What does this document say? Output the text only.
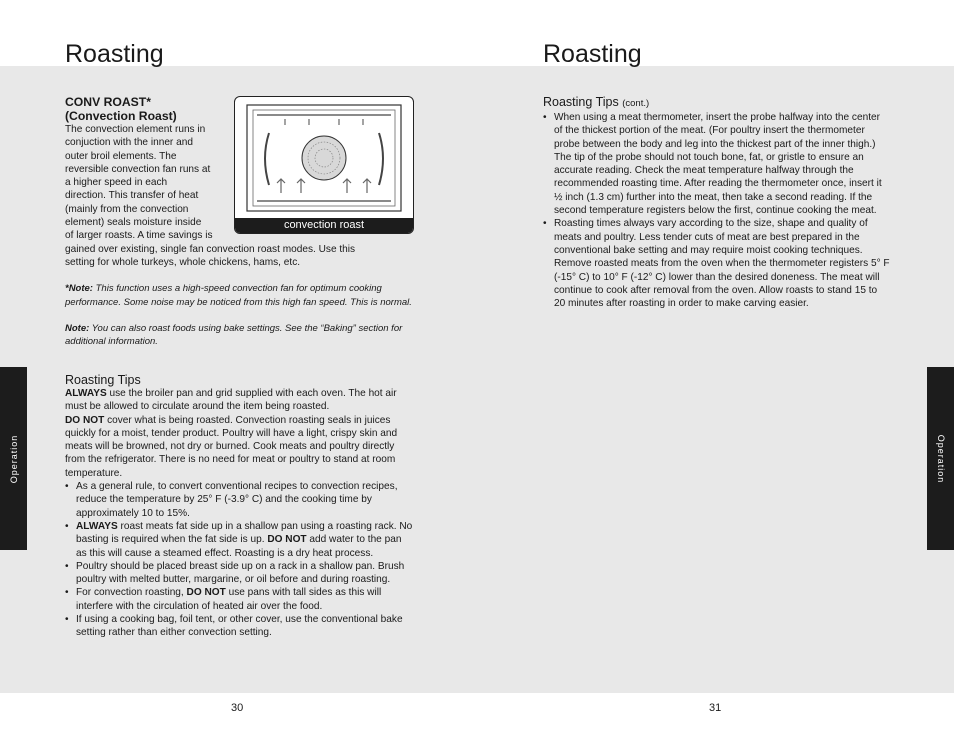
Roasting

CONV ROAST*

(Convection Roast)

The convection element runs in

conjuction with the inner and

outer broil elements. The

reversible convection fan runs at

a higher speed in each

direction. This transfer of heat

(mainly from the convection

element) seals moisture inside

of larger roasts. A time savings is

gained over existing, single fan convection roast modes. Use this

setting for whole turkeys, whole chickens, hams, etc.

*Note: This function uses a high-speed convection fan for optimum cooking performance. Some noise may be noticed from this high fan speed. This is normal.

Note: You can also roast foods using bake settings. See the “Baking” section for additional information.

convection roast

Roasting Tips

ALWAYS use the broiler pan and grid supplied with each oven. The hot air must be allowed to circulate around the item being roasted.

DO NOT cover what is being roasted. Convection roasting seals in juices quickly for a moist, tender product. Poultry will have a light, crispy skin and meats will be browned, not dry or burned. Cook meats and poultry directly from the refrigerator. There is no need for meat or poultry to stand at room temperature.

• As a general rule, to convert conventional recipes to convection recipes, reduce the temperature by 25° F (-3.9° C) and the cooking time by approximately 10 to 15%.
• ALWAYS roast meats fat side up in a shallow pan using a roasting rack. No basting is required when the fat side is up. DO NOT add water to the pan as this will cause a steamed effect. Roasting is a dry heat process.
• Poultry should be placed breast side up on a rack in a shallow pan. Brush poultry with melted butter, margarine, or oil before and during roasting.
• For convection roasting, DO NOT use pans with tall sides as this will interfere with the circulation of heated air over the food.
• If using a cooking bag, foil tent, or other cover, use the conventional bake setting rather than either convection setting.
Operation
30
Roasting

Roasting Tips (cont.)

• When using a meat thermometer, insert the probe halfway into the center of the thickest portion of the meat. (For poultry insert the thermometer probe between the body and leg into the thickest part of the inner thigh.) The tip of the probe should not touch bone, fat, or gristle to ensure an accurate reading. Check the meat temperature halfway through the recommended roasting time. After reading the thermometer once, insert it ½ inch (1.3 cm) further into the meat, then take a second reading. If the second temperature registers below the first, continue cooking the meat.
• Roasting times always vary according to the size, shape and quality of meats and poultry. Less tender cuts of meat are best prepared in the conventional bake setting and may require moist cooking techniques. Remove roasted meats from the oven when the thermometer registers 5° F (-15° C) to 10° F (-12° C) lower than the desired doneness. The meat will continue to cook after removal from the oven. Allow roasts to stand 15 to 20 minutes after roasting in order to make carving easier.
Operation
31
